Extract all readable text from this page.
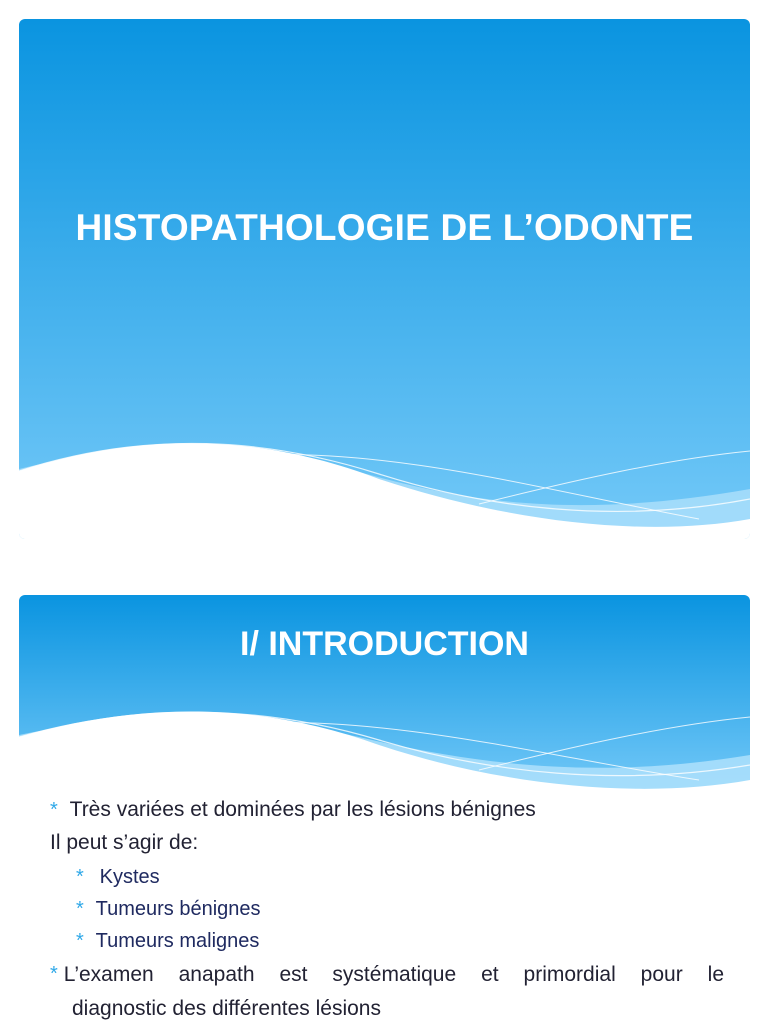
HISTOPATHOLOGIE DE L’ODONTE
I/ INTRODUCTION
* Très variées et dominées par les lésions bénignes
Il peut s’agir de:
* Kystes
* Tumeurs bénignes
* Tumeurs malignes
* L’examen anapath est systématique et primordial pour le
diagnostic des différentes lésions
